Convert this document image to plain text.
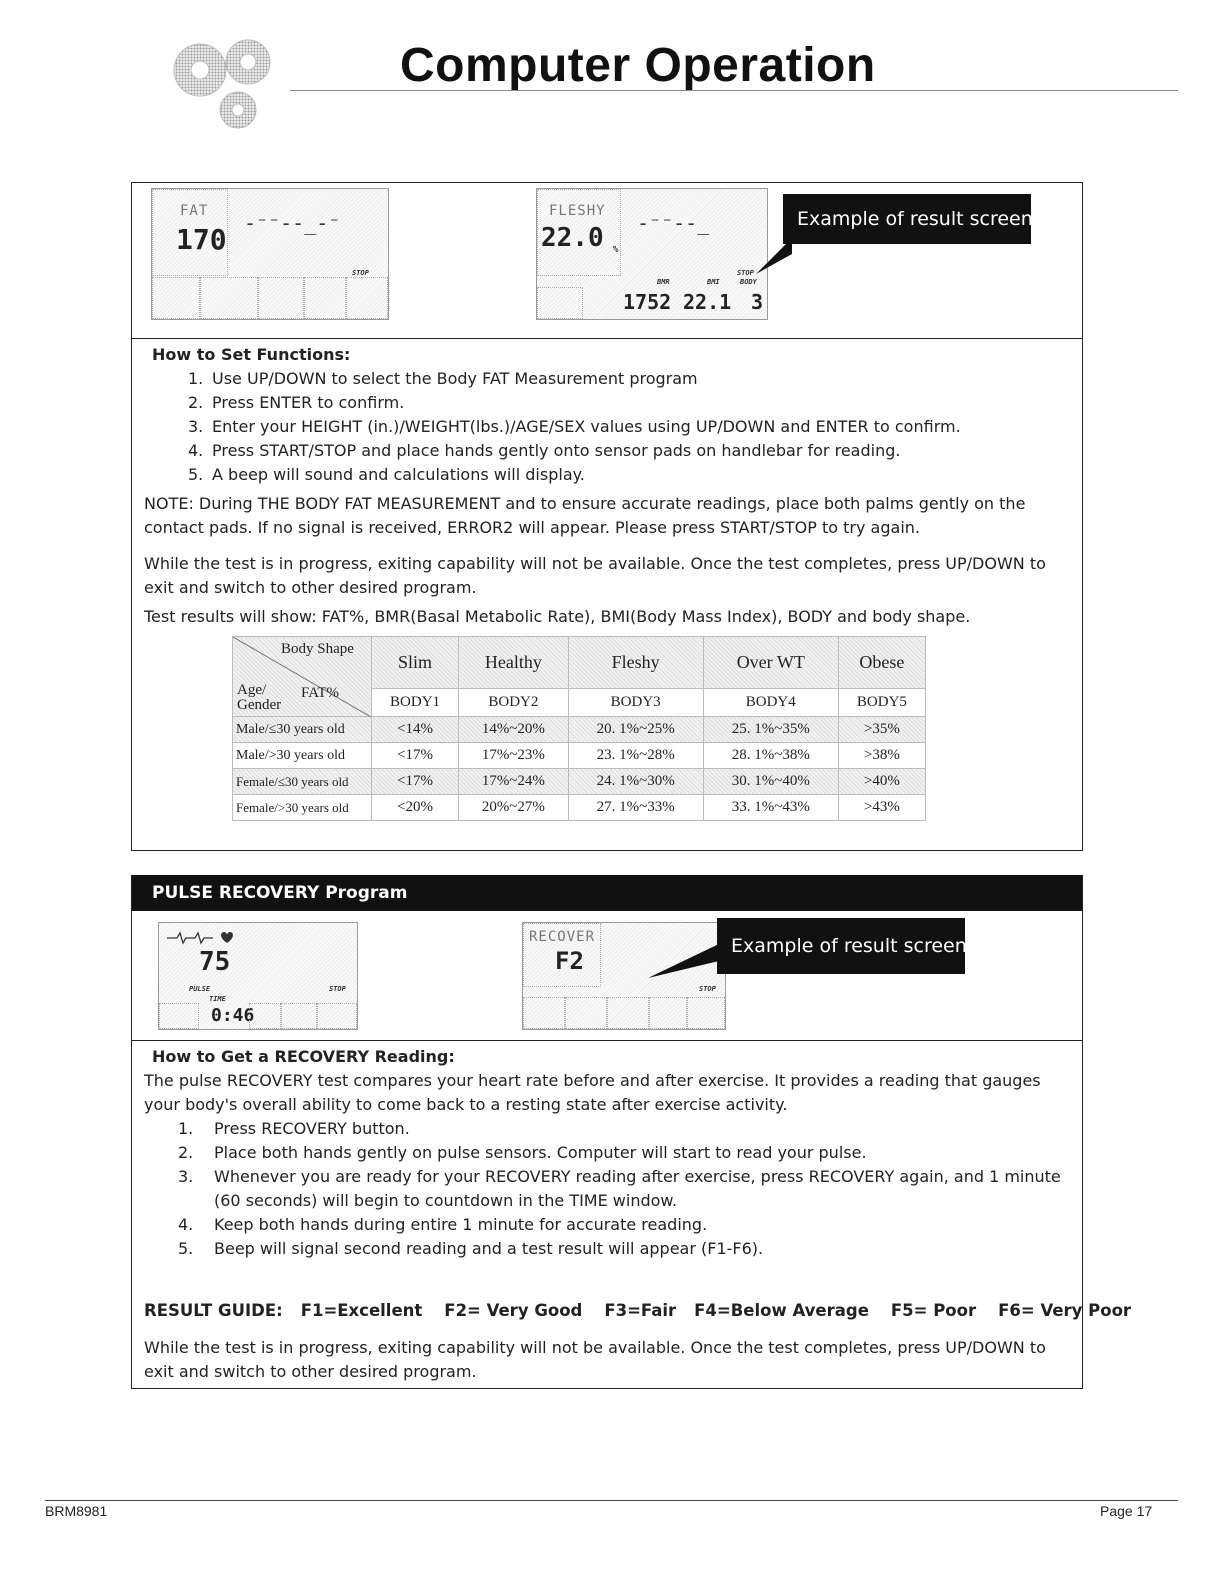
Computer Operation
FAT
170
STOP
-⁻⁻--_-⁻	FLESHY
22.0 %
-⁻⁻--_
STOP
BMR	BMI	BODY
1752 22.1 3
Example of result screen
How to Set Functions:
1. Use UP/DOWN to select the Body FAT Measurement program
2. Press ENTER to confirm.
3. Enter your HEIGHT (in.)/WEIGHT(lbs.)/AGE/SEX values using UP/DOWN and ENTER to confirm.
4. Press START/STOP and place hands gently onto sensor pads on handlebar for reading.
5. A beep will sound and calculations will display.
NOTE: During THE BODY FAT MEASUREMENT and to ensure accurate readings, place both palms gently on the
contact pads. If no signal is received, ERROR2 will appear. Please press START/STOP to try again.
While the test is in progress, exiting capability will not be available. Once the test completes, press UP/DOWN to
exit and switch to other desired program.
Test results will show: FAT%, BMR(Basal Metabolic Rate), BMI(Body Mass Index), BODY and body shape.
Body Shape
FAT%
Age/ Gender	Slim	Healthy	Fleshy	Over WT	Obese
	BODY1	BODY2	BODY3	BODY4	BODY5
Male/≤30 years old	<14%	14%~20%	20. 1%~25%	25. 1%~35%	>35%
Male/>30 years old	<17%	17%~23%	23. 1%~28%	28. 1%~38%	>38%
Female/≤30 years old	<17%	17%~24%	24. 1%~30%	30. 1%~40%	>40%
Female/>30 years old	<20%	20%~27%	27. 1%~33%	33. 1%~43%	>43%
PULSE RECOVERY Program
75
PULSE	STOP
TIME
0:46
RECOVER
F2
STOP
Example of result screen
How to Get a RECOVERY Reading:
The pulse RECOVERY test compares your heart rate before and after exercise. It provides a reading that gauges
your body's overall ability to come back to a resting state after exercise activity.
1. Press RECOVERY button.
2. Place both hands gently on pulse sensors. Computer will start to read your pulse.
3. Whenever you are ready for your RECOVERY reading after exercise, press RECOVERY again, and 1 minute
(60 seconds) will begin to countdown in the TIME window.
4. Keep both hands during entire 1 minute for accurate reading.
5. Beep will signal second reading and a test result will appear (F1-F6).
RESULT GUIDE: F1=Excellent F2= Very Good F3=Fair F4=Below Average F5= Poor F6= Very Poor
While the test is in progress, exiting capability will not be available. Once the test completes, press UP/DOWN to
exit and switch to other desired program.
BRM8981	Page 17
